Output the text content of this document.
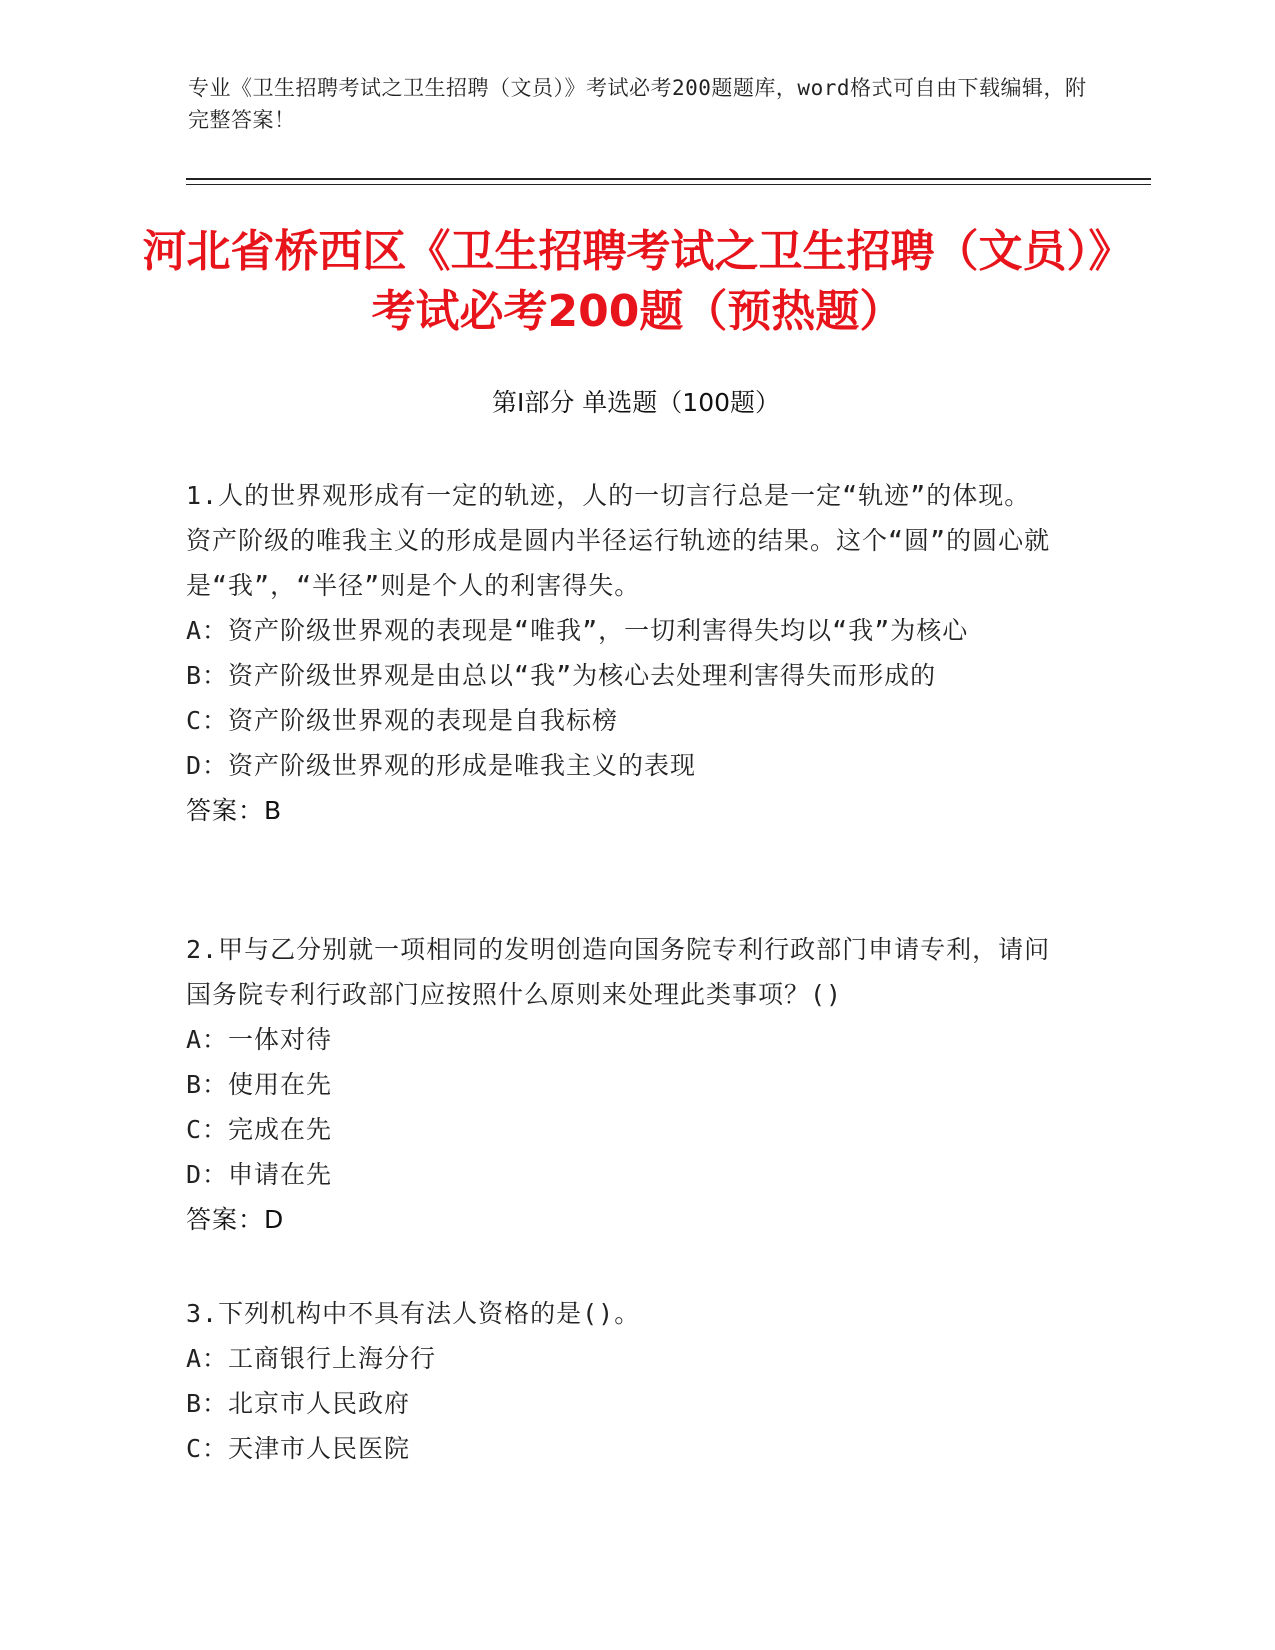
专业《卫生招聘考试之卫生招聘（文员）》考试必考200题题库，word格式可自由下载编辑，附完整答案！
河北省桥西区《卫生招聘考试之卫生招聘（文员）》考试必考200题（预热题）
第Ⅰ部分 单选题（100题）

1.人的世界观形成有一定的轨迹，人的一切言行总是一定“轨迹”的体现。资产阶级的唯我主义的形成是圆内半径运行轨迹的结果。这个“圆”的圆心就是“我”，“半径”则是个人的利害得失。

A：资产阶级世界观的表现是“唯我”，一切利害得失均以“我”为核心

B：资产阶级世界观是由总以“我”为核心去处理利害得失而形成的

C：资产阶级世界观的表现是自我标榜

D：资产阶级世界观的形成是唯我主义的表现

答案：B

2.甲与乙分别就一项相同的发明创造向国务院专利行政部门申请专利，请问国务院专利行政部门应按照什么原则来处理此类事项？()

A：一体对待

B：使用在先

C：完成在先

D：申请在先

答案：D

3.下列机构中不具有法人资格的是()。

A：工商银行上海分行

B：北京市人民政府

C：天津市人民医院
